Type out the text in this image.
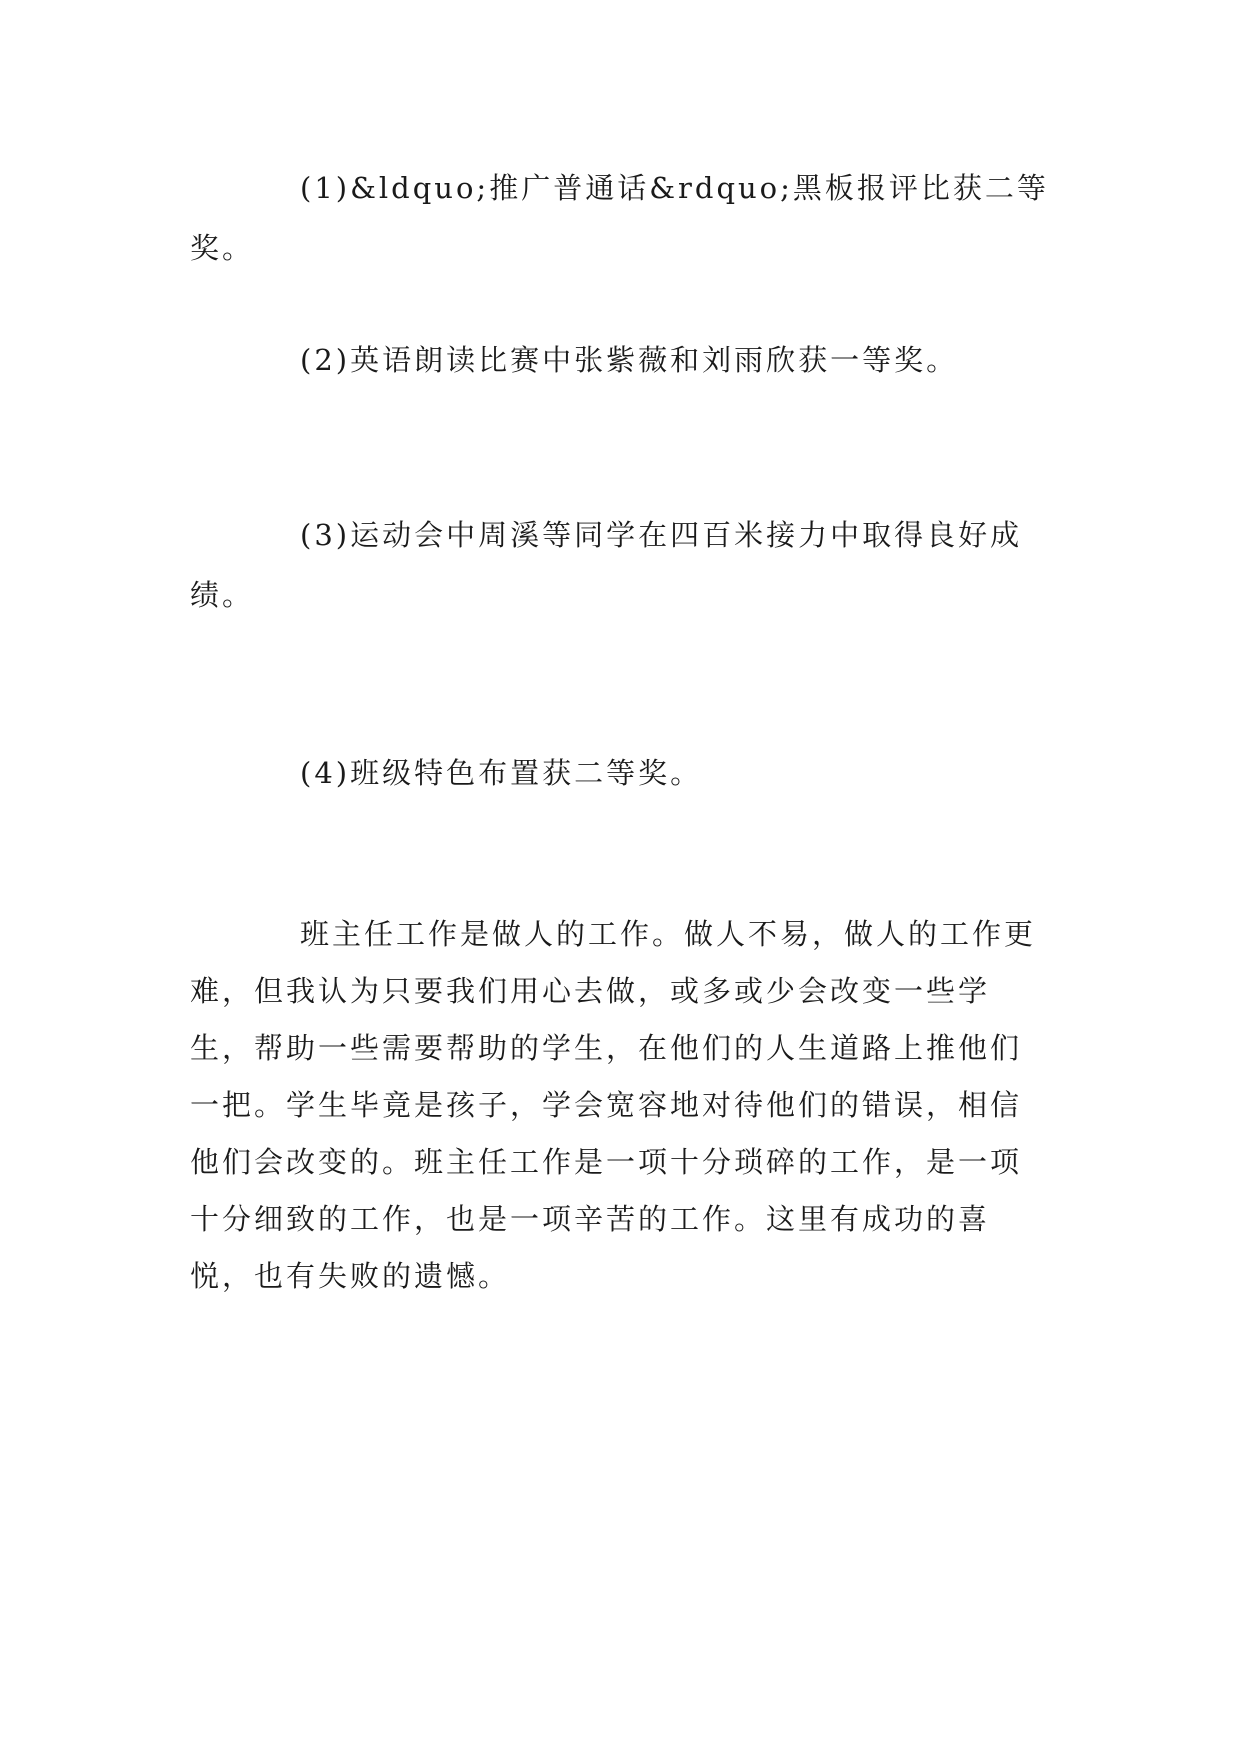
(1)&ldquo;推广普通话&rdquo;黑板报评比获二等奖。

(2)英语朗读比赛中张紫薇和刘雨欣获一等奖。

(3)运动会中周溪等同学在四百米接力中取得良好成绩。

(4)班级特色布置获二等奖。

班主任工作是做人的工作。做人不易，做人的工作更难，但我认为只要我们用心去做，或多或少会改变一些学生，帮助一些需要帮助的学生，在他们的人生道路上推他们一把。学生毕竟是孩子，学会宽容地对待他们的错误，相信他们会改变的。班主任工作是一项十分琐碎的工作，是一项十分细致的工作，也是一项辛苦的工作。这里有成功的喜悦，也有失败的遗憾。
